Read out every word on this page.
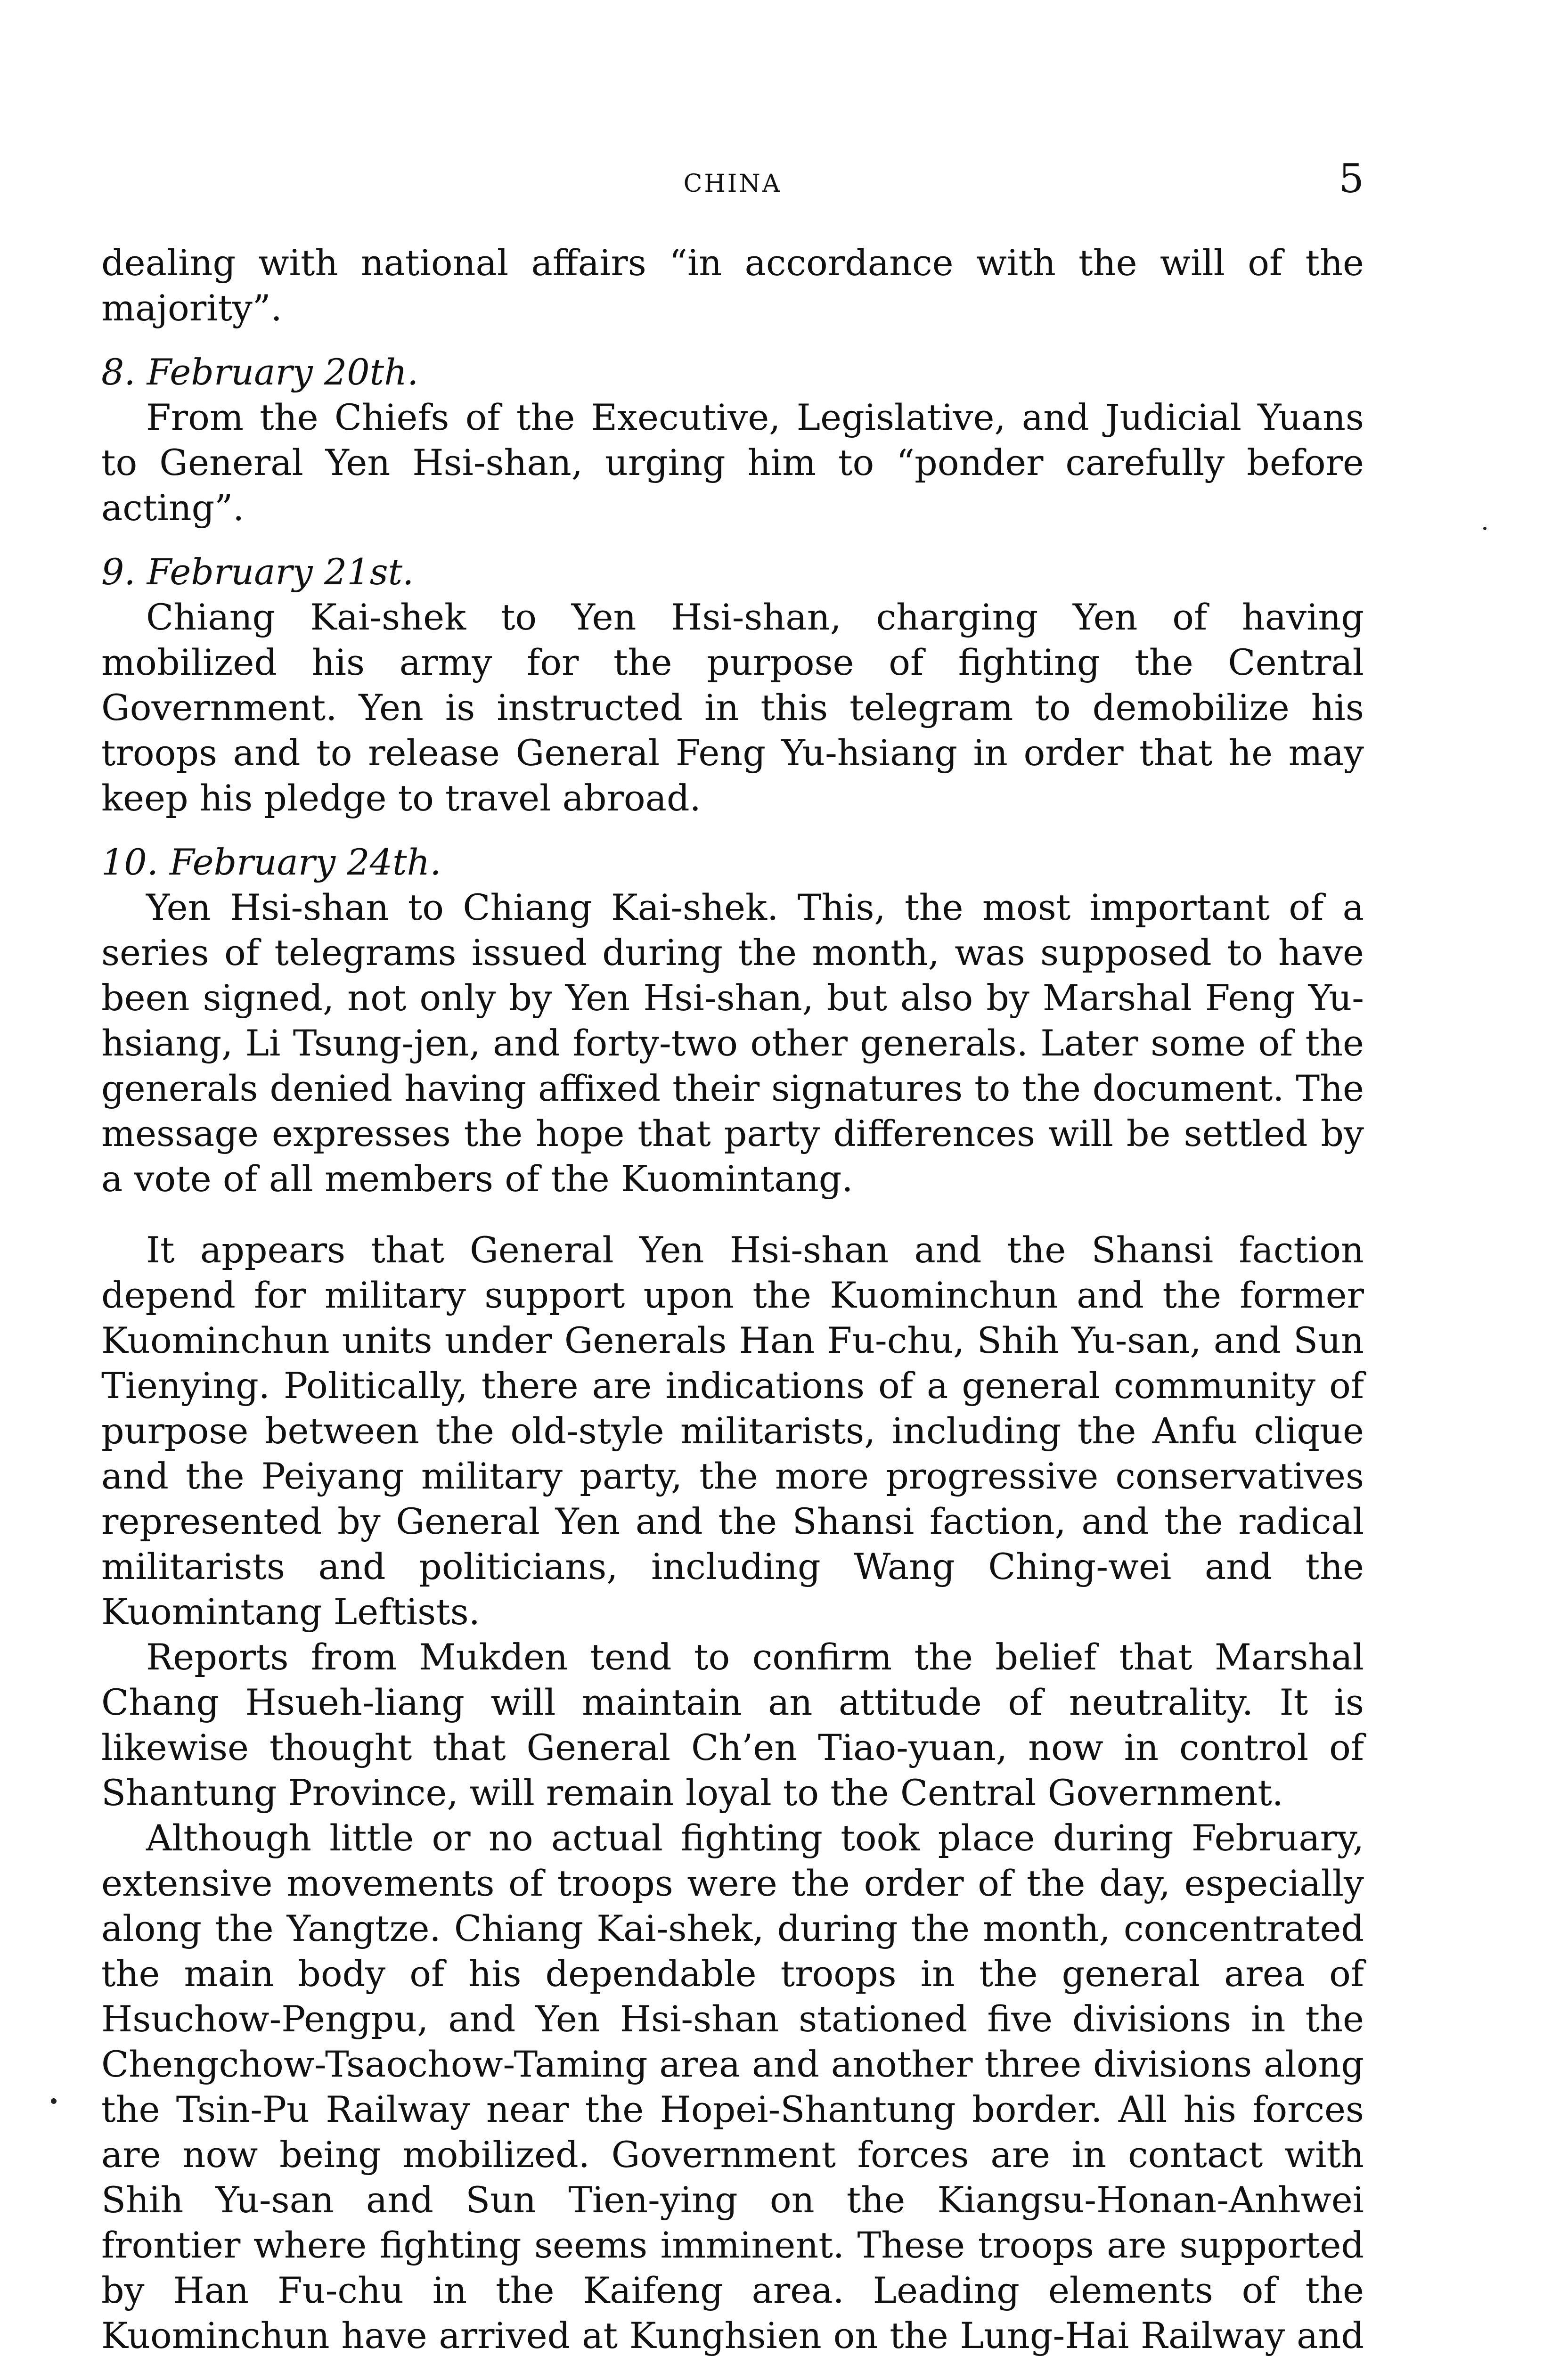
CHINA	5

dealing with national affairs “in accordance with the will of the majority”.

8. February 20th.

From the Chiefs of the Executive, Legislative, and Judicial Yuans to General Yen Hsi-shan, urging him to “ponder carefully before acting”.

9. February 21st.

Chiang Kai-shek to Yen Hsi-shan, charging Yen of having mobilized his army for the purpose of fighting the Central Government. Yen is instructed in this telegram to demobilize his troops and to release General Feng Yu-hsiang in order that he may keep his pledge to travel abroad.

10. February 24th.

Yen Hsi-shan to Chiang Kai-shek. This, the most important of a series of telegrams issued during the month, was supposed to have been signed, not only by Yen Hsi-shan, but also by Marshal Feng Yu-hsiang, Li Tsung-jen, and forty-two other generals. Later some of the generals denied having affixed their signatures to the document. The message expresses the hope that party differences will be settled by a vote of all members of the Kuomintang.

It appears that General Yen Hsi-shan and the Shansi faction depend for military support upon the Kuominchun and the former Kuominchun units under Generals Han Fu-chu, Shih Yu-san, and Sun Tienying. Politically, there are indications of a general community of purpose between the old-style militarists, including the Anfu clique and the Peiyang military party, the more progressive conservatives represented by General Yen and the Shansi faction, and the radical militarists and politicians, including Wang Ching-wei and the Kuomintang Leftists.

Reports from Mukden tend to confirm the belief that Marshal Chang Hsueh-liang will maintain an attitude of neutrality. It is likewise thought that General Ch’en Tiao-yuan, now in control of Shantung Province, will remain loyal to the Central Government.

Although little or no actual fighting took place during February, extensive movements of troops were the order of the day, especially along the Yangtze. Chiang Kai-shek, during the month, concentrated the main body of his dependable troops in the general area of Hsuchow-Pengpu, and Yen Hsi-shan stationed five divisions in the Chengchow-Tsaochow-Taming area and another three divisions along the Tsin-Pu Railway near the Hopei-Shantung border. All his forces are now being mobilized. Government forces are in contact with Shih Yu-san and Sun Tien-ying on the Kiangsu-Honan-Anhwei frontier where fighting seems imminent. These troops are supported by Han Fu-chu in the Kaifeng area. Leading elements of the Kuominchun have arrived at Kunghsien on the Lung-Hai Railway and
